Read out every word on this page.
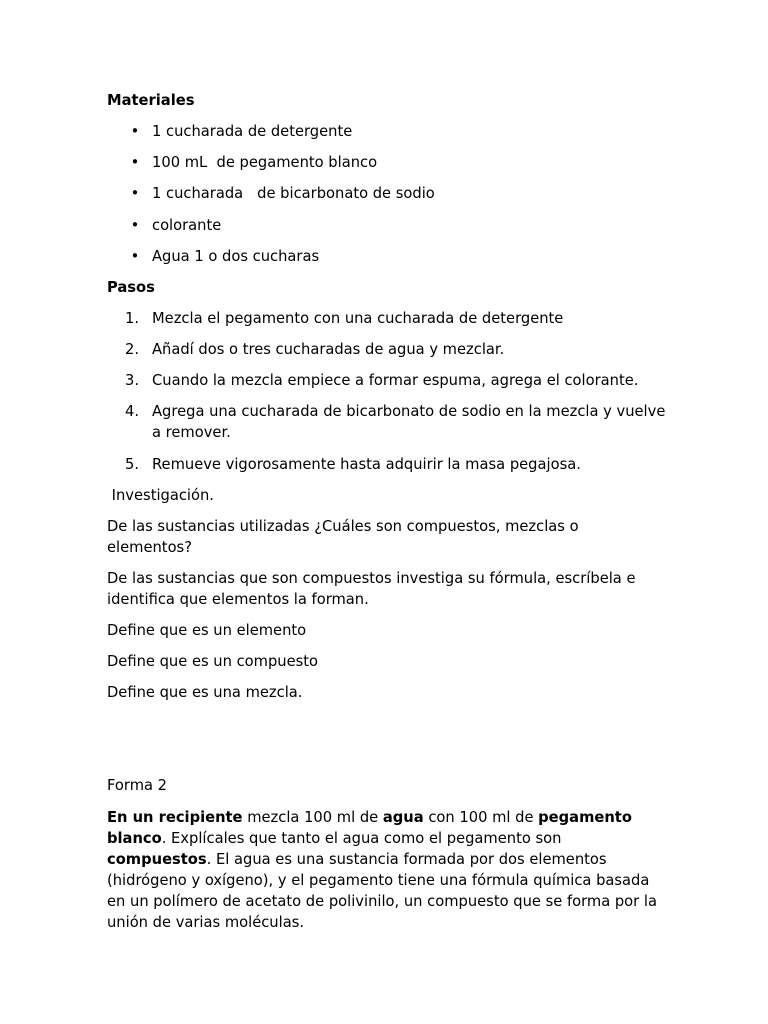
Materiales
• 1 cucharada de detergente
• 100 mL  de pegamento blanco
• 1 cucharada   de bicarbonato de sodio
• colorante
• Agua 1 o dos cucharas
Pasos
1. Mezcla el pegamento con una cucharada de detergente
2. Añadí dos o tres cucharadas de agua y mezclar.
3. Cuando la mezcla empiece a formar espuma, agrega el colorante.
4. Agrega una cucharada de bicarbonato de sodio en la mezcla y vuelve a remover.
5. Remueve vigorosamente hasta adquirir la masa pegajosa.
Investigación.
De las sustancias utilizadas ¿Cuáles son compuestos, mezclas o elementos?
De las sustancias que son compuestos investiga su fórmula, escríbela e identifica que elementos la forman.
Define que es un elemento
Define que es un compuesto
Define que es una mezcla.
Forma 2

En un recipiente mezcla 100 ml de agua con 100 ml de pegamento blanco. Explícales que tanto el agua como el pegamento son compuestos. El agua es una sustancia formada por dos elementos (hidrógeno y oxígeno), y el pegamento tiene una fórmula química basada en un polímero de acetato de polivinilo, un compuesto que se forma por la unión de varias moléculas.
